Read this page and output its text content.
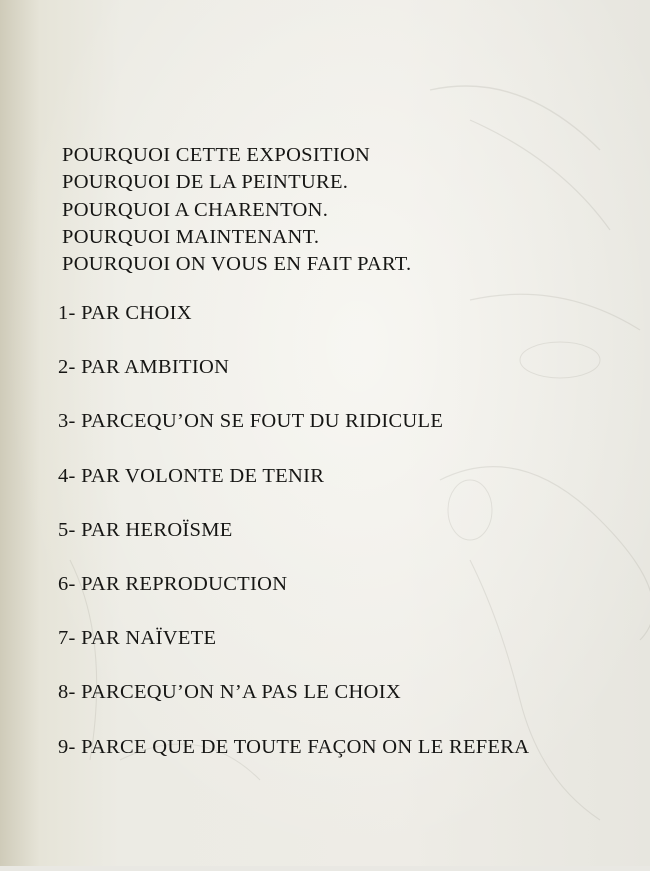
POURQUOI CETTE EXPOSITION
POURQUOI DE LA PEINTURE.
POURQUOI A CHARENTON.
POURQUOI MAINTENANT.
POURQUOI ON VOUS EN FAIT PART.
1- PAR CHOIX
2- PAR AMBITION
3- PARCEQU’ON SE FOUT DU RIDICULE
4- PAR VOLONTE DE TENIR
5- PAR HEROÏSME
6- PAR REPRODUCTION
7- PAR NAÏVETE
8- PARCEQU’ON N’A PAS LE CHOIX
9- PARCE QUE DE TOUTE FAÇON ON LE REFERA
